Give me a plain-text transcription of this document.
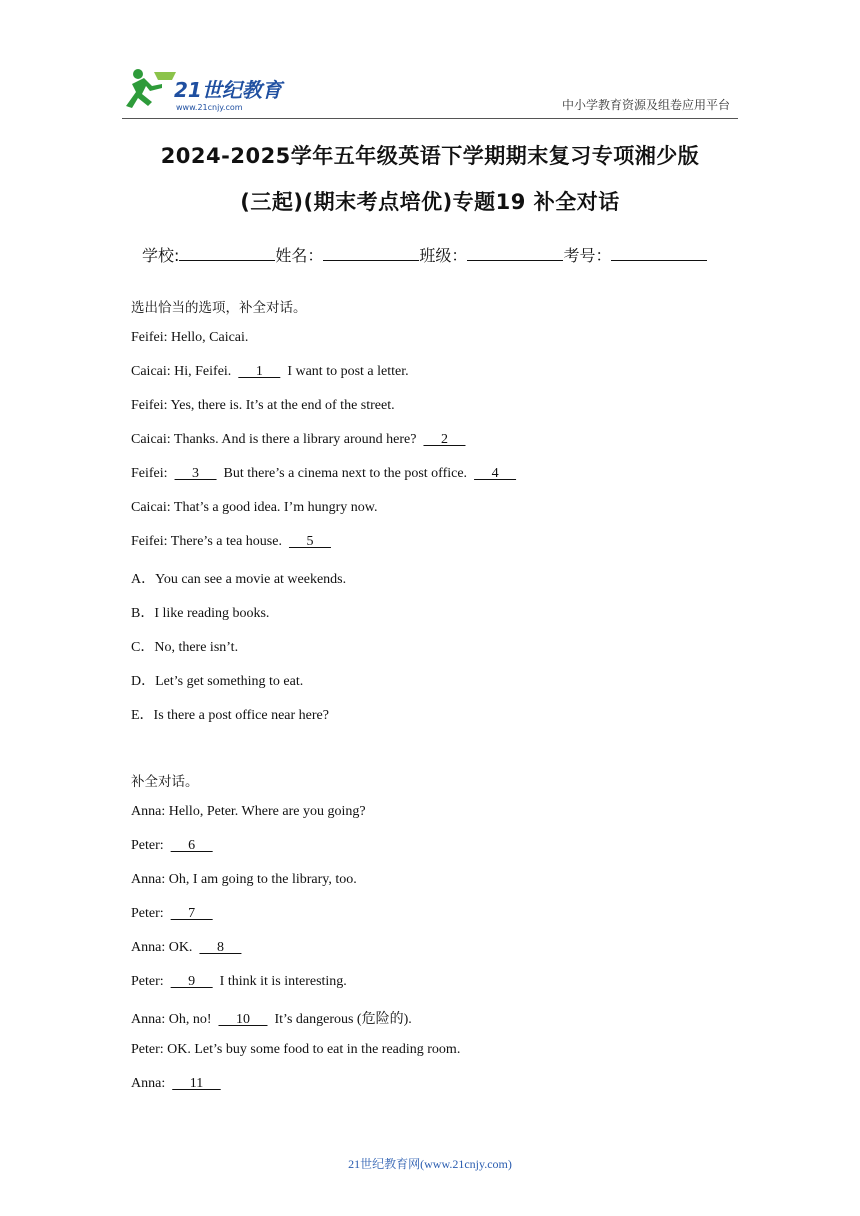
21世纪教育
www.21cnjy.com	中小学教育资源及组卷应用平台
2024-2025学年五年级英语下学期期末复习专项湘少版
(三起)(期末考点培优)专题19 补全对话
学校:	姓名：	班级：	考号：
选出恰当的选项，补全对话。
Feifei: Hello, Caicai.
Caicai: Hi, Feifei.       1       I want to post a letter.
Feifei: Yes, there is. It’s at the end of the street.
Caicai: Thanks. And is there a library around here?       2
Feifei:       3       But there’s a cinema next to the post office.       4
Caicai: That’s a good idea. I’m hungry now.
Feifei: There’s a tea house.       5
A．You can see a movie at weekends.
B．I like reading books.
C．No, there isn’t.
D．Let’s get something to eat.
E．Is there a post office near here?
补全对话。
Anna: Hello, Peter. Where are you going?
Peter:       6
Anna: Oh, I am going to the library, too.
Peter:       7
Anna: OK.       8
Peter:       9       I think it is interesting.
Anna: Oh, no!       10       It’s dangerous (危险的).
Peter: OK. Let’s buy some food to eat in the reading room.
Anna:       11
21世纪教育网(www.21cnjy.com)
